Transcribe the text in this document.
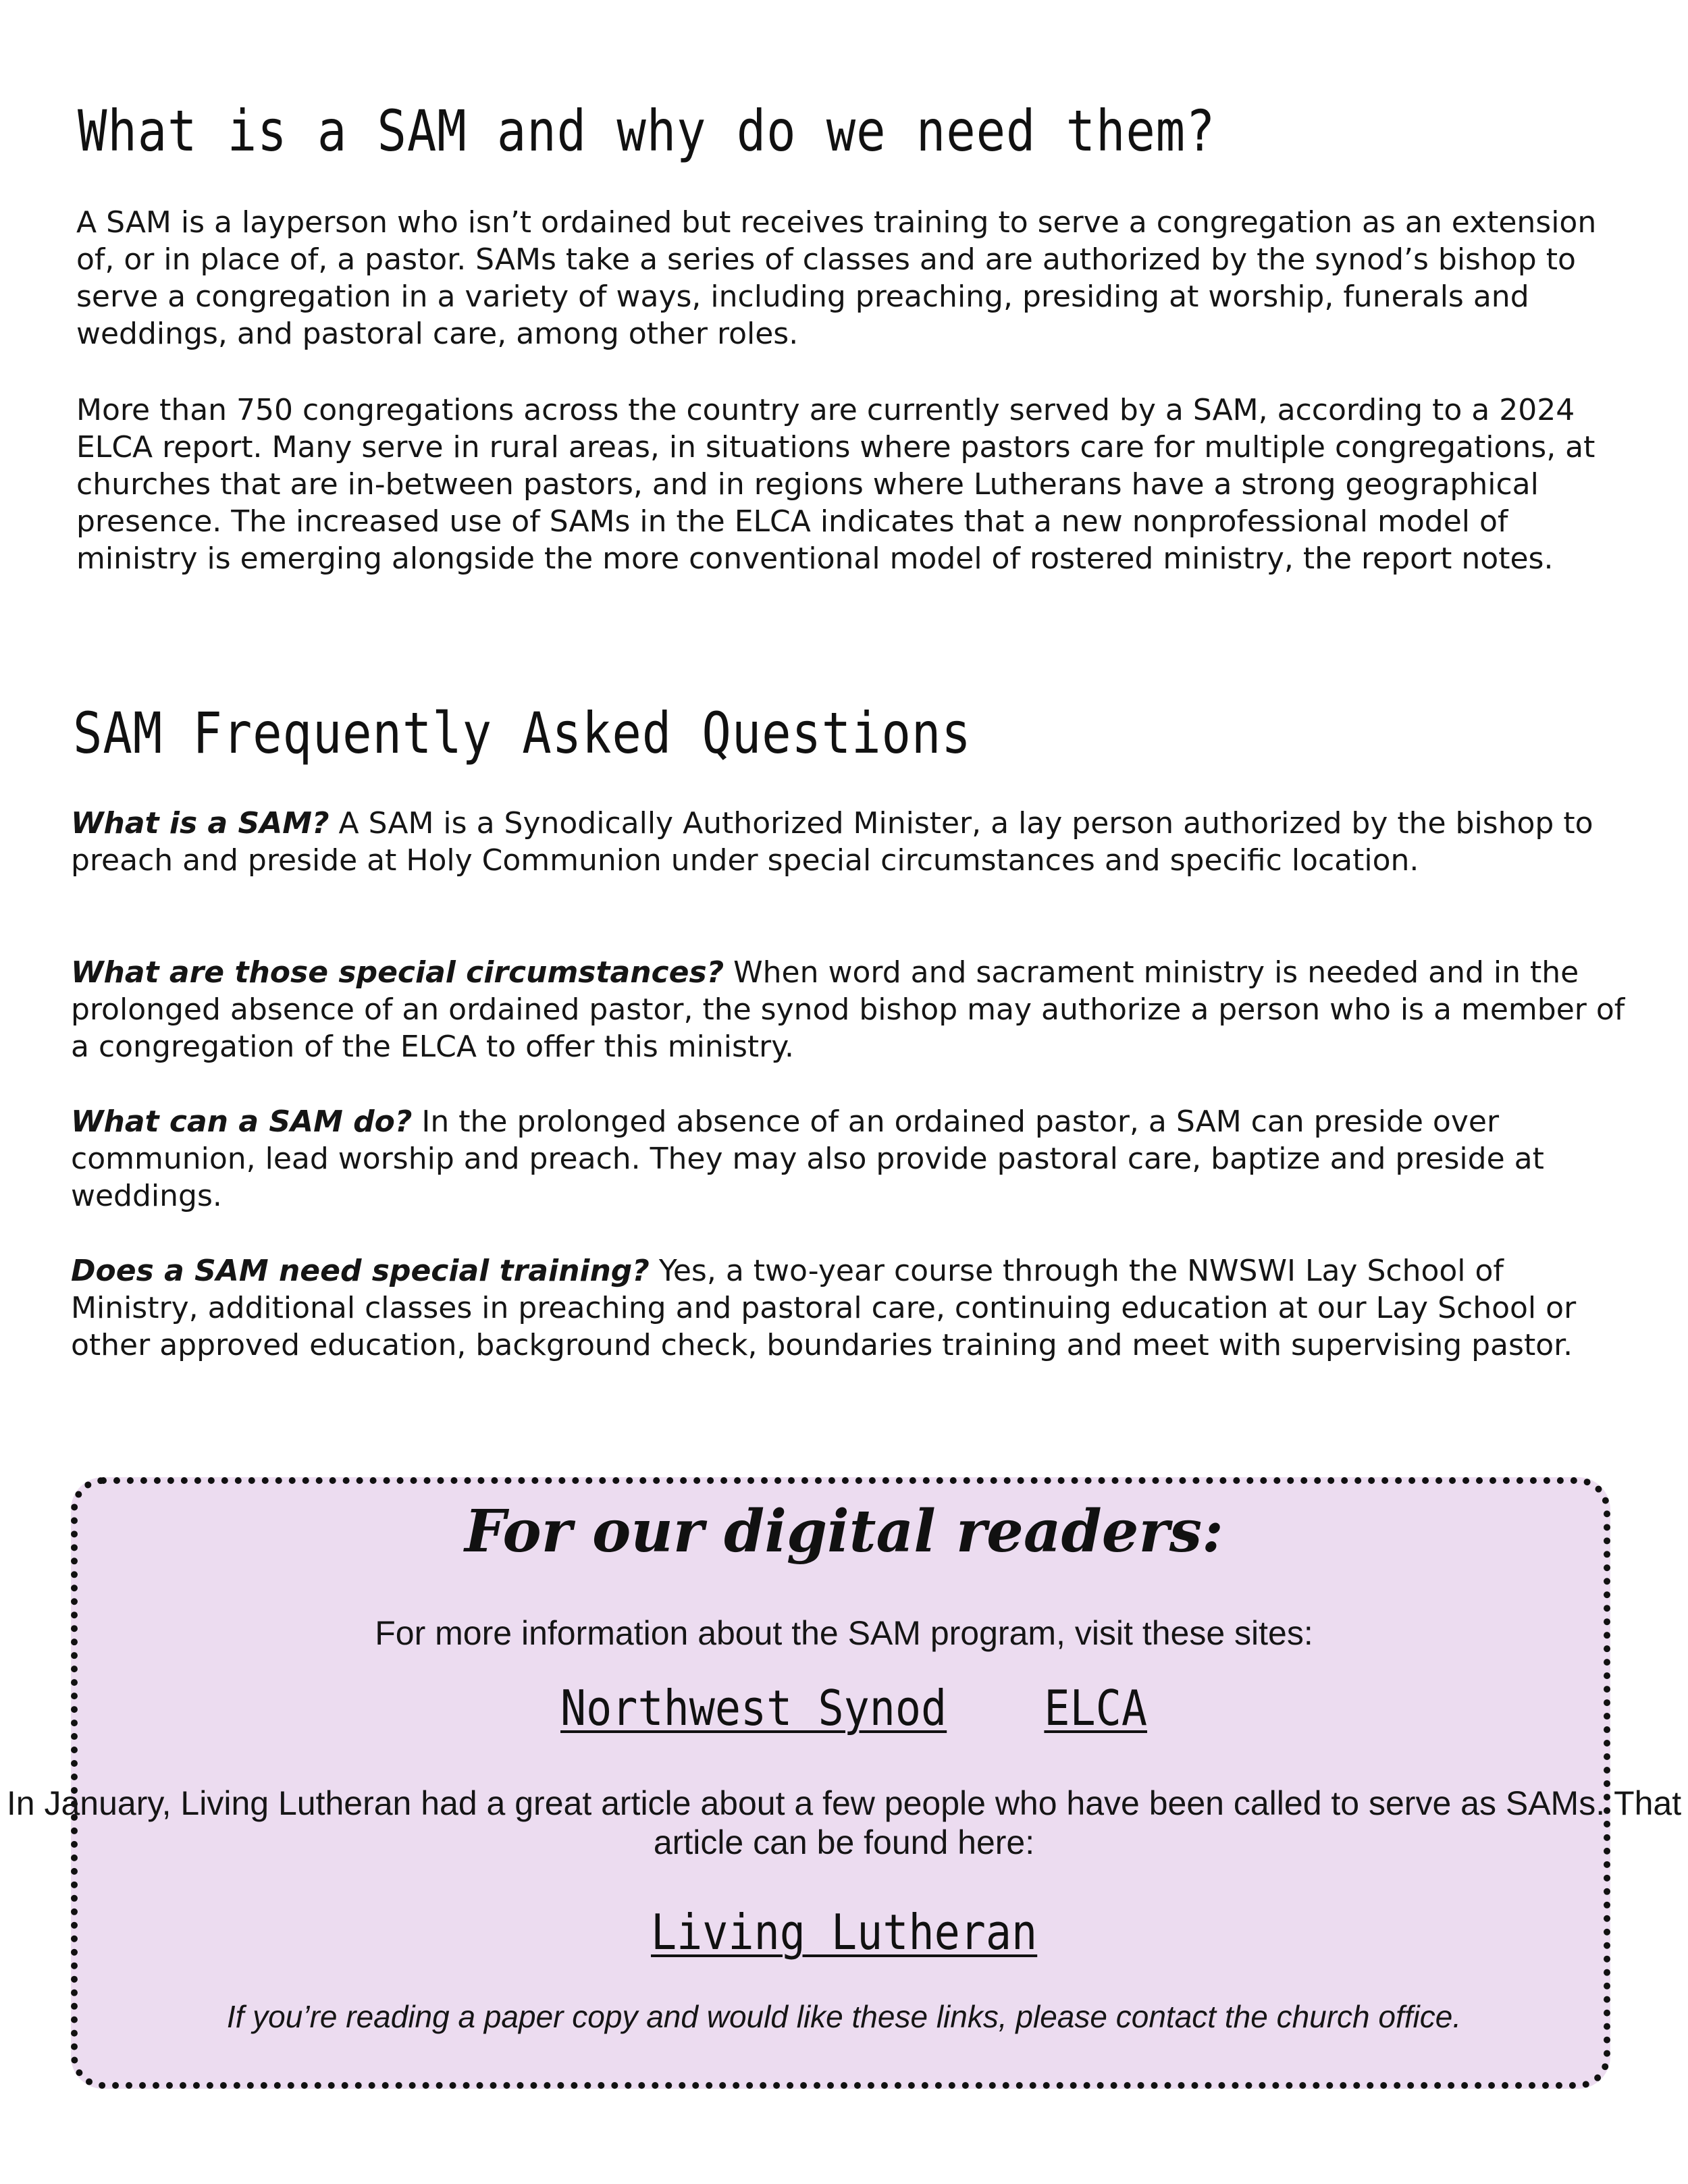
What is a SAM and why do we need them?

A SAM is a layperson who isn’t ordained but receives training to serve a congregation as an extension of, or in place of, a pastor. SAMs take a series of classes and are authorized by the synod’s bishop to serve a congregation in a variety of ways, including preaching, presiding at worship, funerals and weddings, and pastoral care, among other roles.

More than 750 congregations across the country are currently served by a SAM, according to a 2024 ELCA report. Many serve in rural areas, in situations where pastors care for multiple congregations, at churches that are in-between pastors, and in regions where Lutherans have a strong geographical presence. The increased use of SAMs in the ELCA indicates that a new nonprofessional model of ministry is emerging alongside the more conventional model of rostered ministry, the report notes.

SAM Frequently Asked Questions

What is a SAM? A SAM is a Synodically Authorized Minister, a lay person authorized by the bishop to preach and preside at Holy Communion under special circumstances and specific location.

What are those special circumstances? When word and sacrament ministry is needed and in the prolonged absence of an ordained pastor, the synod bishop may authorize a person who is a member of a congregation of the ELCA to offer this ministry.

What can a SAM do? In the prolonged absence of an ordained pastor, a SAM can preside over communion, lead worship and preach. They may also provide pastoral care, baptize and preside at weddings.

Does a SAM need special training? Yes, a two-year course through the NWSWI Lay School of Ministry, additional classes in preaching and pastoral care, continuing education at our Lay School or other approved education, background check, boundaries training and meet with supervising pastor.

For our digital readers:
For more information about the SAM program, visit these sites:
Northwest Synod ELCA
In January, Living Lutheran had a great article about a few people who have been called to serve as SAMs. That article can be found here:
Living Lutheran
If you’re reading a paper copy and would like these links, please contact the church office.
